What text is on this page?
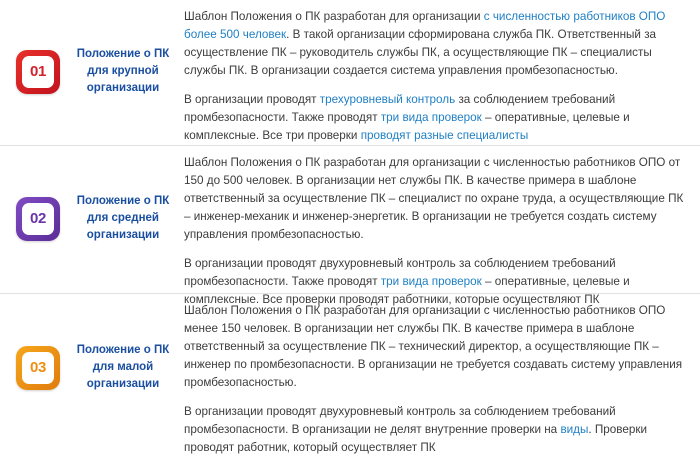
01
Положение о ПК для крупной организации

Шаблон Положения о ПК разработан для организации с численностью работников ОПО более 500 человек. В такой организации сформирована служба ПК. Ответственный за осуществление ПК – руководитель службы ПК, а осуществляющие ПК – специалисты службы ПК. В организации создается система управления промбезопасностью.

В организации проводят трехуровневый контроль за соблюдением требований промбезопасности. Также проводят три вида проверок – оперативные, целевые и комплексные. Все три проверки проводят разные специалисты

02
Положение о ПК для средней организации

Шаблон Положения о ПК разработан для организации с численностью работников ОПО от 150 до 500 человек. В организации нет службы ПК. В качестве примера в шаблоне ответственный за осуществление ПК – специалист по охране труда, а осуществляющие ПК – инженер-механик и инженер-энергетик. В организации не требуется создать систему управления промбезопасностью.

В организации проводят двухуровневый контроль за соблюдением требований промбезопасности. Также проводят три вида проверок – оперативные, целевые и комплексные. Все проверки проводят работники, которые осуществляют ПК

03
Положение о ПК для малой организации

Шаблон Положения о ПК разработан для организации с численностью работников ОПО менее 150 человек. В организации нет службы ПК. В качестве примера в шаблоне ответственный за осуществление ПК – технический директор, а осуществляющие ПК – инженер по промбезопасности. В организации не требуется создавать систему управления промбезопасностью.

В организации проводят двухуровневый контроль за соблюдением требований промбезопасности. В организации не делят внутренние проверки на виды. Проверки проводят работник, который осуществляет ПК
